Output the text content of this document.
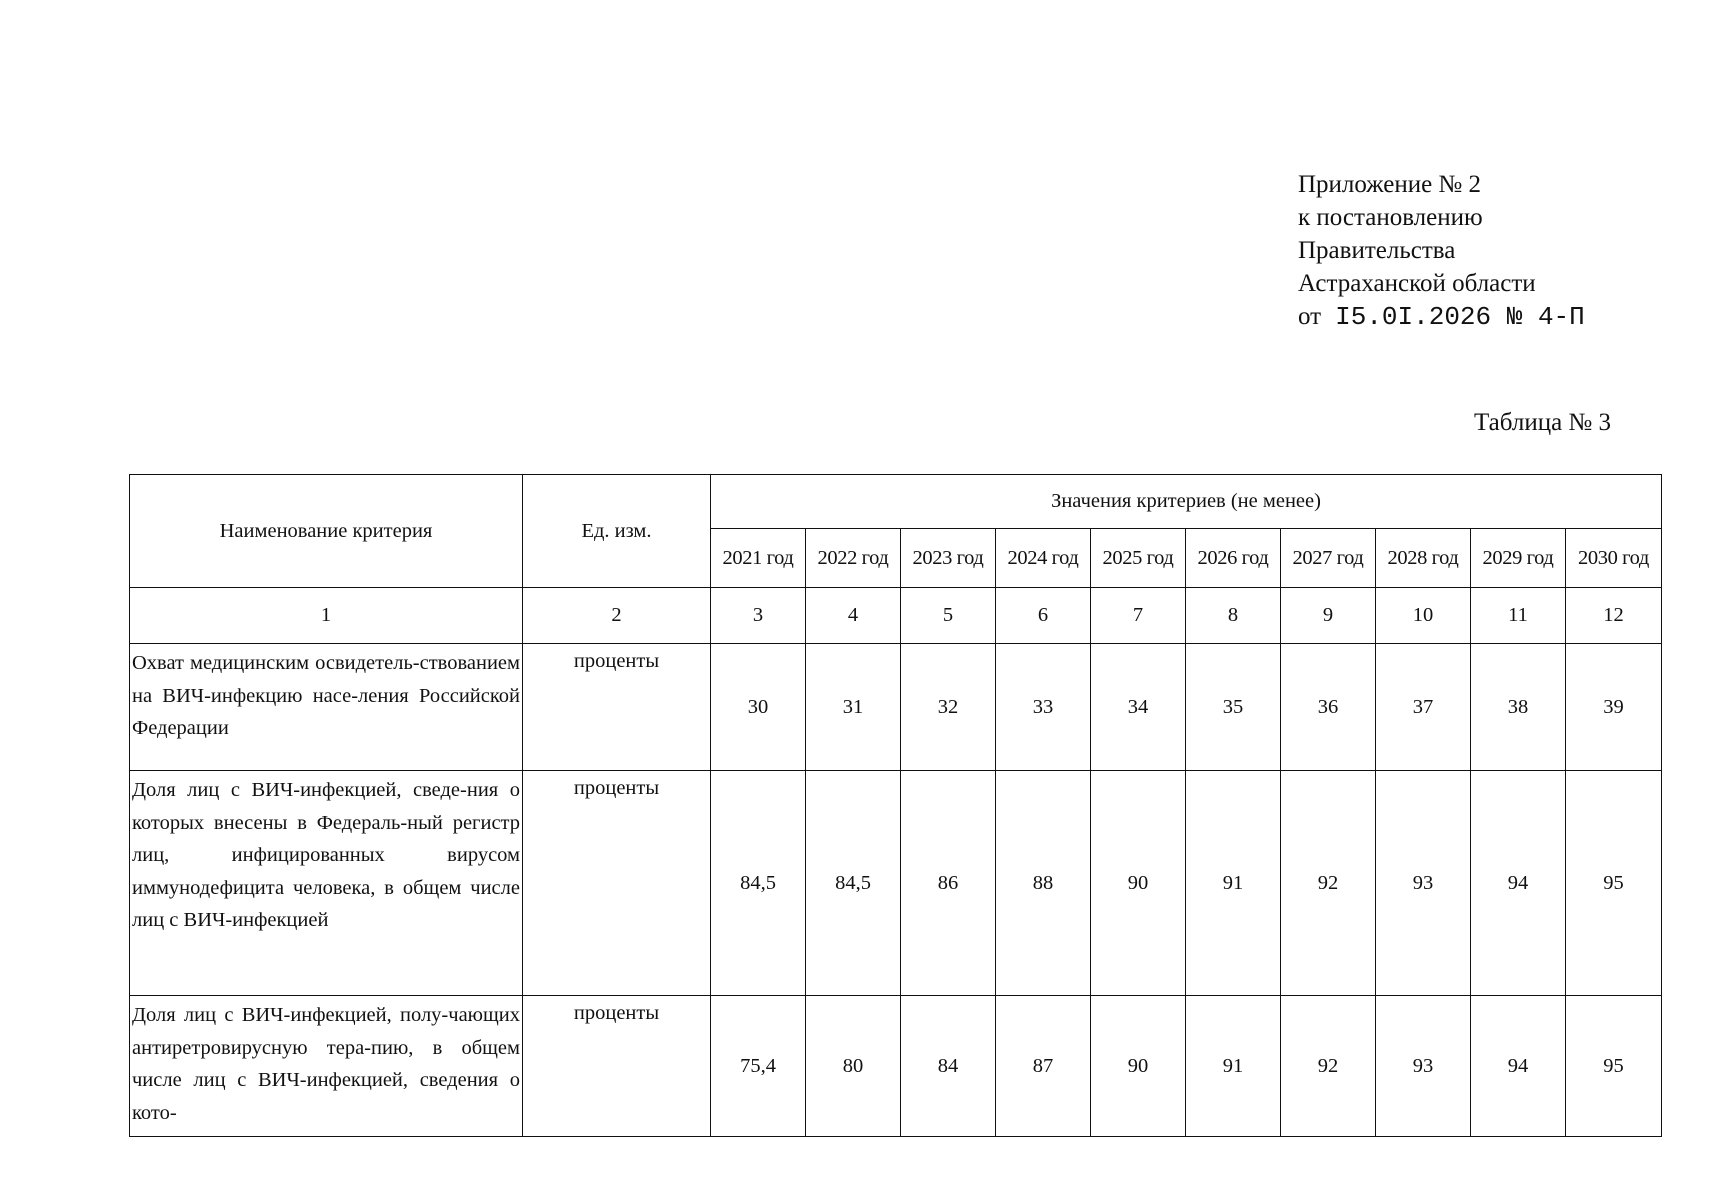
Приложение № 2
к постановлению
Правительства
Астраханской области
от I5.0I.2026 № 4-П
Таблица № 3
Наименование критерия	Ед. изм.	Значения критериев (не менее)									
		2021 год	2022 год	2023 год	2024 год	2025 год	2026 год	2027 год	2028 год	2029 год	2030 год
1	2	3	4	5	6	7	8	9	10	11	12
Охват медицинским освидетель-ствованием на ВИЧ-инфекцию насе-ления Российской Федерации	проценты	30	31	32	33	34	35	36	37	38	39
Доля лиц с ВИЧ-инфекцией, сведе-ния о которых внесены в Федераль-ный регистр лиц, инфицированных вирусом иммунодефицита человека, в общем числе лиц с ВИЧ-инфекцией	проценты	84,5	84,5	86	88	90	91	92	93	94	95
Доля лиц с ВИЧ-инфекцией, полу-чающих антиретровирусную тера-пию, в общем числе лиц с ВИЧ-инфекцией, сведения о кото-	проценты	75,4	80	84	87	90	91	92	93	94	95
